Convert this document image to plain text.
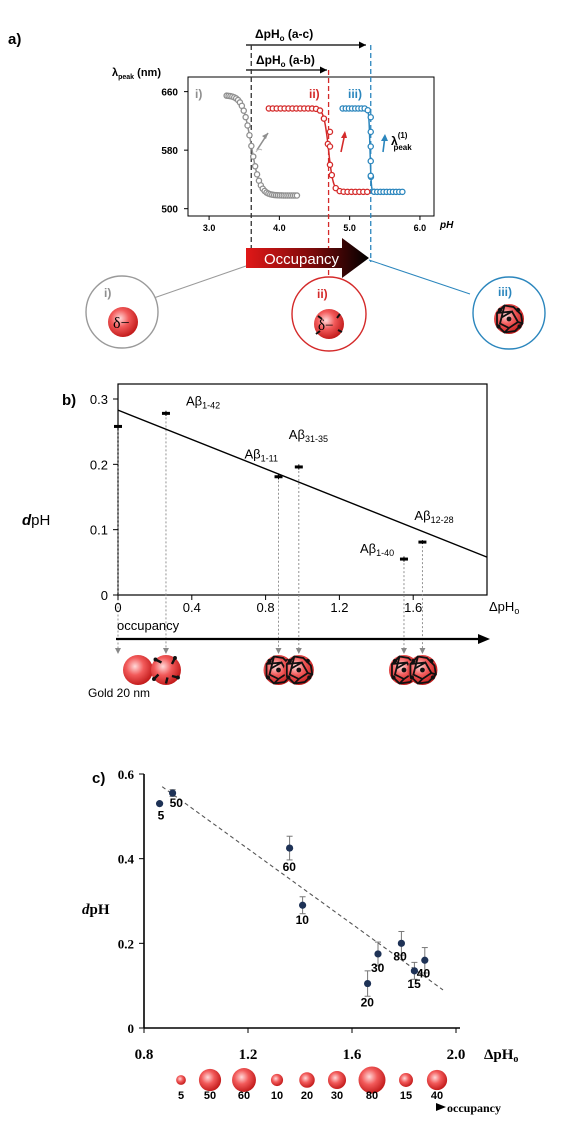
a)	ΔpH$_o$ (a-c)
ΔpH$_o$ (a-b)
$\lambda_{peak}$ (nm)
3.0	4.0	5.0	6.0
500
580
660
pH
i)	ii) iii)
$\lambda^{(1)}$ peak
Occupancy
i)
δ−
ii)
δ−
iii)
b)
dpH
0	0.4	0.8	1.2	1.6
0
0.1
0.2
0.3	$A\beta_{1-42}$
$A\beta_{1-11}$
$A\beta_{31-35}$
$A\beta_{1-40}$
$A\beta_{12-28}$
ΔpH$_o$
occupancy
Gold 20 nm
c)
dpH
0.8	1.2	1.6	2.0
0
0.2
0.4
0.6
5
50
60
10
20
30
80
15
40
ΔpH$_o$
5 50 60 10 20 30 80 15 40
occupancy
